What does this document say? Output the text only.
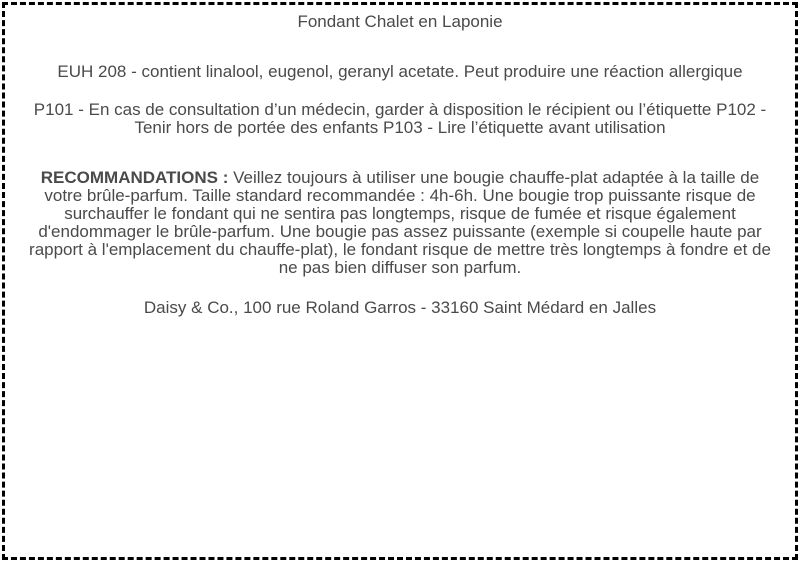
Fondant Chalet en Laponie
EUH 208 - contient linalool, eugenol, geranyl acetate. Peut produire une réaction allergique
P101 - En cas de consultation d’un médecin, garder à disposition le récipient ou l’étiquette P102 - Tenir hors de portée des enfants P103 - Lire l’étiquette avant utilisation
RECOMMANDATIONS : Veillez toujours à utiliser une bougie chauffe-plat adaptée à la taille de votre brûle-parfum. Taille standard recommandée : 4h-6h. Une bougie trop puissante risque de surchauffer le fondant qui ne sentira pas longtemps, risque de fumée et risque également d'endommager le brûle-parfum. Une bougie pas assez puissante (exemple si coupelle haute par rapport à l'emplacement du chauffe-plat), le fondant risque de mettre très longtemps à fondre et de ne pas bien diffuser son parfum.
Daisy & Co., 100 rue Roland Garros - 33160 Saint Médard en Jalles
